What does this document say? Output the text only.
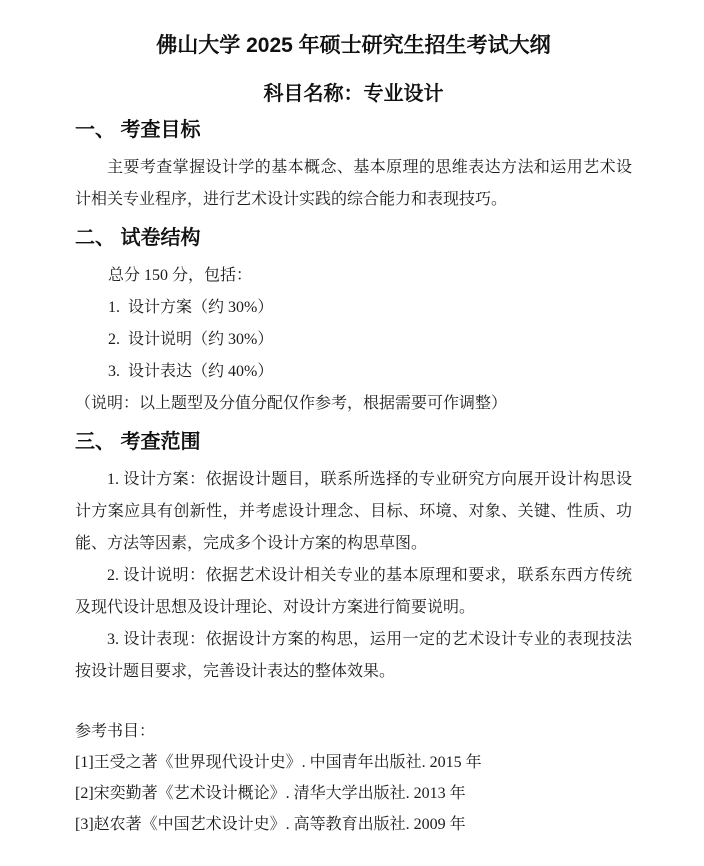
佛山大学 2025 年硕士研究生招生考试大纲
科目名称：专业设计
一、 考查目标

主要考查掌握设计学的基本概念、基本原理的思维表达方法和运用艺术设计相关专业程序，进行艺术设计实践的综合能力和表现技巧。

二、 试卷结构

总分 150 分，包括：

1.  设计方案（约 30%）

2.  设计说明（约 30%）

3.  设计表达（约 40%）

（说明：以上题型及分值分配仅作参考，根据需要可作调整）

三、 考查范围

1. 设计方案：依据设计题目，联系所选择的专业研究方向展开设计构思设计方案应具有创新性，并考虑设计理念、目标、环境、对象、关键、性质、功能、方法等因素，完成多个设计方案的构思草图。

2. 设计说明：依据艺术设计相关专业的基本原理和要求，联系东西方传统及现代设计思想及设计理论、对设计方案进行简要说明。

3. 设计表现：依据设计方案的构思，运用一定的艺术设计专业的表现技法按设计题目要求，完善设计表达的整体效果。

参考书目：

[1]王受之著《世界现代设计史》. 中国青年出版社. 2015 年

[2]宋奕勤著《艺术设计概论》. 清华大学出版社. 2013 年

[3]赵农著《中国艺术设计史》. 高等教育出版社. 2009 年
